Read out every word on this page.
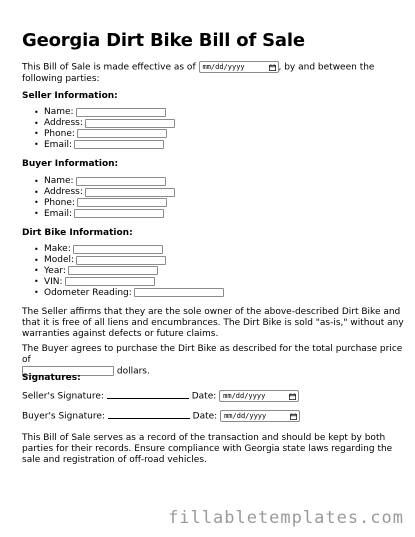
Georgia Dirt Bike Bill of Sale
This Bill of Sale is made effective as of mm/dd/yyyy	, by and between the following parties:
Seller Information:
• Name:
• Address:
• Phone:
• Email:
Buyer Information:
• Name:
• Address:
• Phone:
• Email:
Dirt Bike Information:
• Make:
• Model:
• Year:
• VIN:
• Odometer Reading:
The Seller affirms that they are the sole owner of the above-described Dirt Bike and that it is free of all liens and encumbrances. The Dirt Bike is sold "as-is," without any warranties against defects or future claims.
The Buyer agrees to purchase the Dirt Bike as described for the total purchase price of
dollars.
Signatures:
Seller's Signature:	Date: mm/dd/yyyy
Buyer's Signature:	Date: mm/dd/yyyy
This Bill of Sale serves as a record of the transaction and should be kept by both parties for their records. Ensure compliance with Georgia state laws regarding the sale and registration of off-road vehicles.
fillabletemplates.com
